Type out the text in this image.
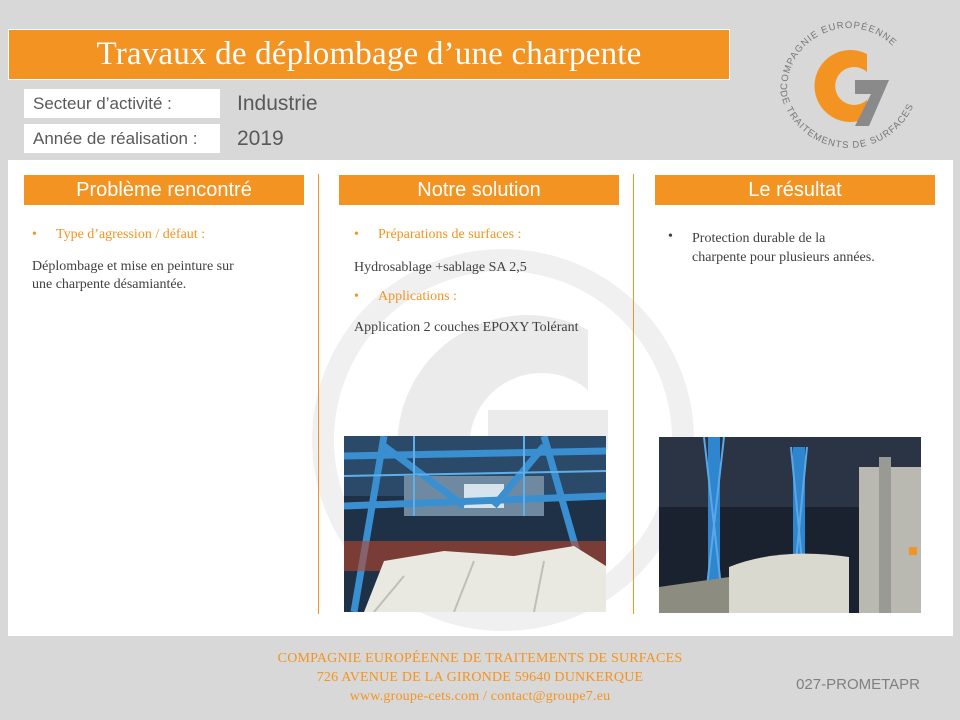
Travaux de déplombage d’une charpente
Secteur d’activité :	Industrie
Année de réalisation :	2019
COMPAGNIE EUROPÉENNE
DE TRAITEMENTS DE SURFACES
Problème rencontré
•	Type d’agression / défaut :
Déplombage et mise en peinture sur
une charpente désamiantée.
Notre solution
•	Préparations de surfaces :
Hydrosablage +sablage SA 2,5
•	Applications :
Application 2 couches EPOXY Tolérant
Le résultat
•	Protection durable de la
charpente pour plusieurs années.
COMPAGNIE EUROPÉENNE DE TRAITEMENTS DE SURFACES
726 AVENUE DE LA GIRONDE 59640 DUNKERQUE
www.groupe-cets.com / contact@groupe7.eu
027-PROMETAPR
